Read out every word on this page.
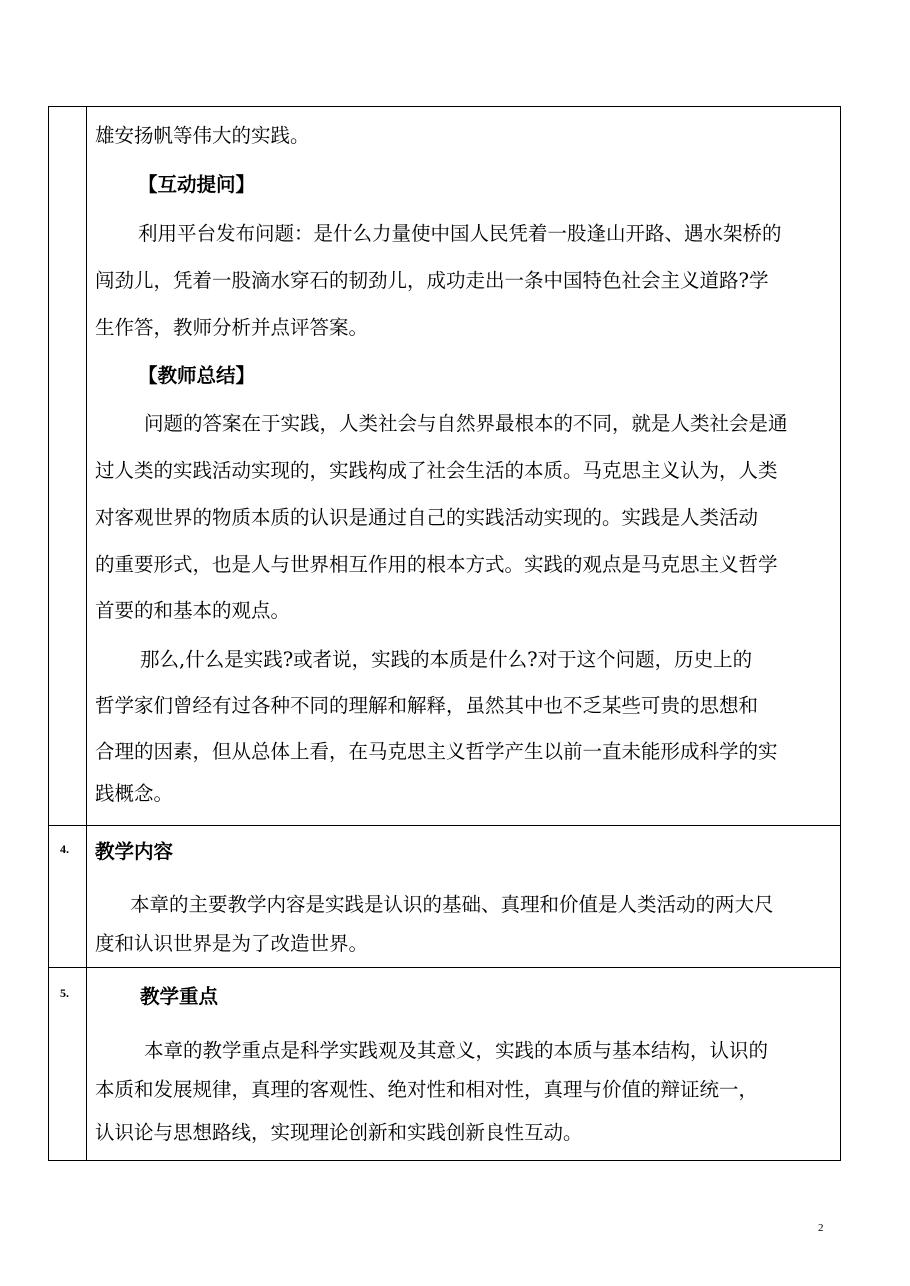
雄安扬帆等伟大的实践。
【互动提问】
利用平台发布问题：是什么力量使中国人民凭着一股逢山开路、遇水架桥的
闯劲儿，凭着一股滴水穿石的韧劲儿，成功走出一条中国特色社会主义道路?学
生作答，教师分析并点评答案。
【教师总结】
问题的答案在于实践，人类社会与自然界最根本的不同，就是人类社会是通
过人类的实践活动实现的，实践构成了社会生活的本质。马克思主义认为，人类
对客观世界的物质本质的认识是通过自己的实践活动实现的。实践是人类活动
的重要形式，也是人与世界相互作用的根本方式。实践的观点是马克思主义哲学
首要的和基本的观点。
那么,什么是实践?或者说，实践的本质是什么?对于这个问题，历史上的
哲学家们曾经有过各种不同的理解和解释，虽然其中也不乏某些可贵的思想和
合理的因素，但从总体上看，在马克思主义哲学产生以前一直未能形成科学的实
践概念。
4. 教学内容
本章的主要教学内容是实践是认识的基础、真理和价值是人类活动的两大尺
度和认识世界是为了改造世界。
5.	教学重点
本章的教学重点是科学实践观及其意义，实践的本质与基本结构，认识的
本质和发展规律，真理的客观性、绝对性和相对性，真理与价值的辩证统一，
认识论与思想路线，实现理论创新和实践创新良性互动。
2
